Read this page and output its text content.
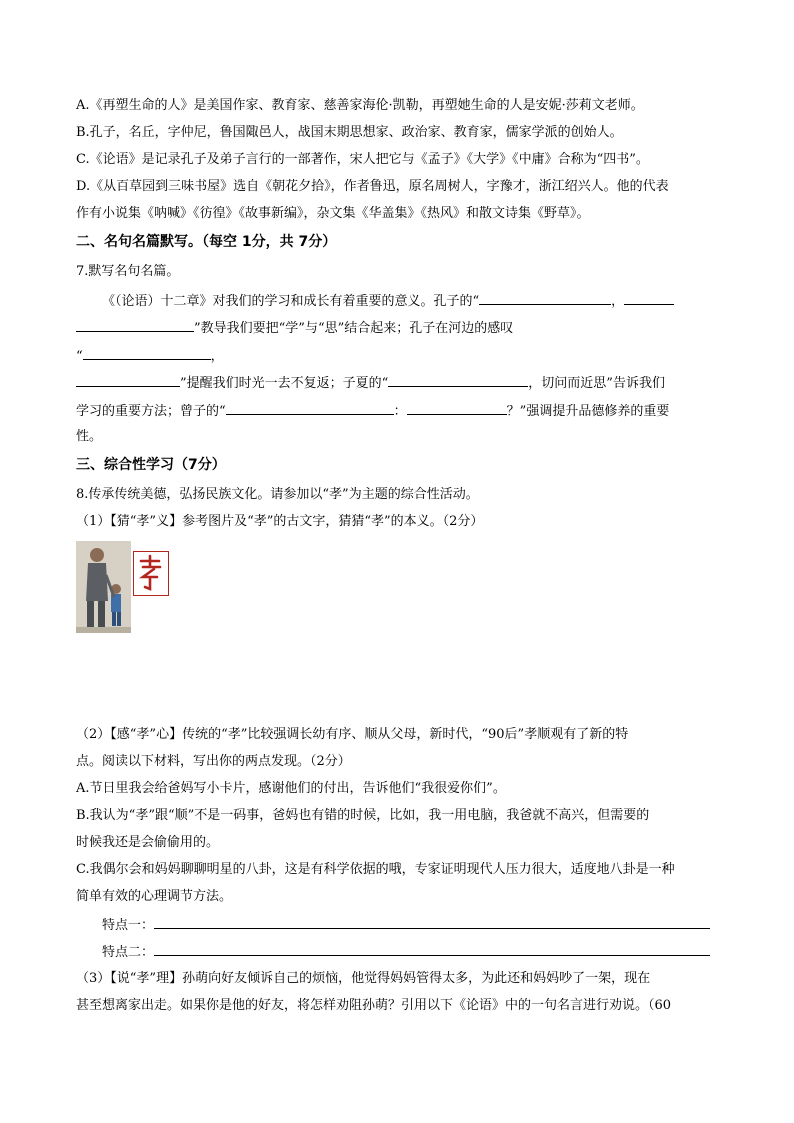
A.《再塑生命的人》是美国作家、教育家、慈善家海伦·凯勒，再塑她生命的人是安妮·莎莉文老师。
B.孔子，名丘，字仲尼，鲁国陬邑人，战国末期思想家、政治家、教育家，儒家学派的创始人。
C.《论语》是记录孔子及弟子言行的一部著作，宋人把它与《孟子》《大学》《中庸》合称为“四书”。
D.《从百草园到三味书屋》选自《朝花夕拾》，作者鲁迅，原名周树人，字豫才，浙江绍兴人。他的代表
作有小说集《呐喊》《彷徨》《故事新编》，杂文集《华盖集》《热风》和散文诗集《野草》。
二、名句名篇默写。（每空 1分，共 7分）
7.默写名句名篇。
《（论语）十二章》对我们的学习和成长有着重要的意义。孔子的“	，
”教导我们要把“学”与“思”结合起来；孔子在河边的感叹
“	，
”提醒我们时光一去不复返；子夏的“	，切问而近思”告诉我们
学习的重要方法；曾子的“	：	？”强调提升品德修养的重要
性。
三、综合性学习（7分）
8.传承传统美德，弘扬民族文化。请参加以“孝”为主题的综合性活动。
（1）【猜“孝”义】参考图片及“孝”的古文字，猜猜“孝”的本义。（2分）
（2）【感“孝”心】传统的“孝”比较强调长幼有序、顺从父母，新时代，“90后”孝顺观有了新的特
点。阅读以下材料，写出你的两点发现。（2分）
A.节日里我会给爸妈写小卡片，感谢他们的付出，告诉他们“我很爱你们”。
B.我认为“孝”跟“顺”不是一码事，爸妈也有错的时候，比如，我一用电脑，我爸就不高兴，但需要的
时候我还是会偷偷用的。
C.我偶尔会和妈妈聊聊明星的八卦，这是有科学依据的哦，专家证明现代人压力很大，适度地八卦是一种
简单有效的心理调节方法。
特点一：
特点二：
（3）【说“孝”理】孙萌向好友倾诉自己的烦恼，他觉得妈妈管得太多，为此还和妈妈吵了一架，现在
甚至想离家出走。如果你是他的好友，将怎样劝阻孙萌？引用以下《论语》中的一句名言进行劝说。（60
